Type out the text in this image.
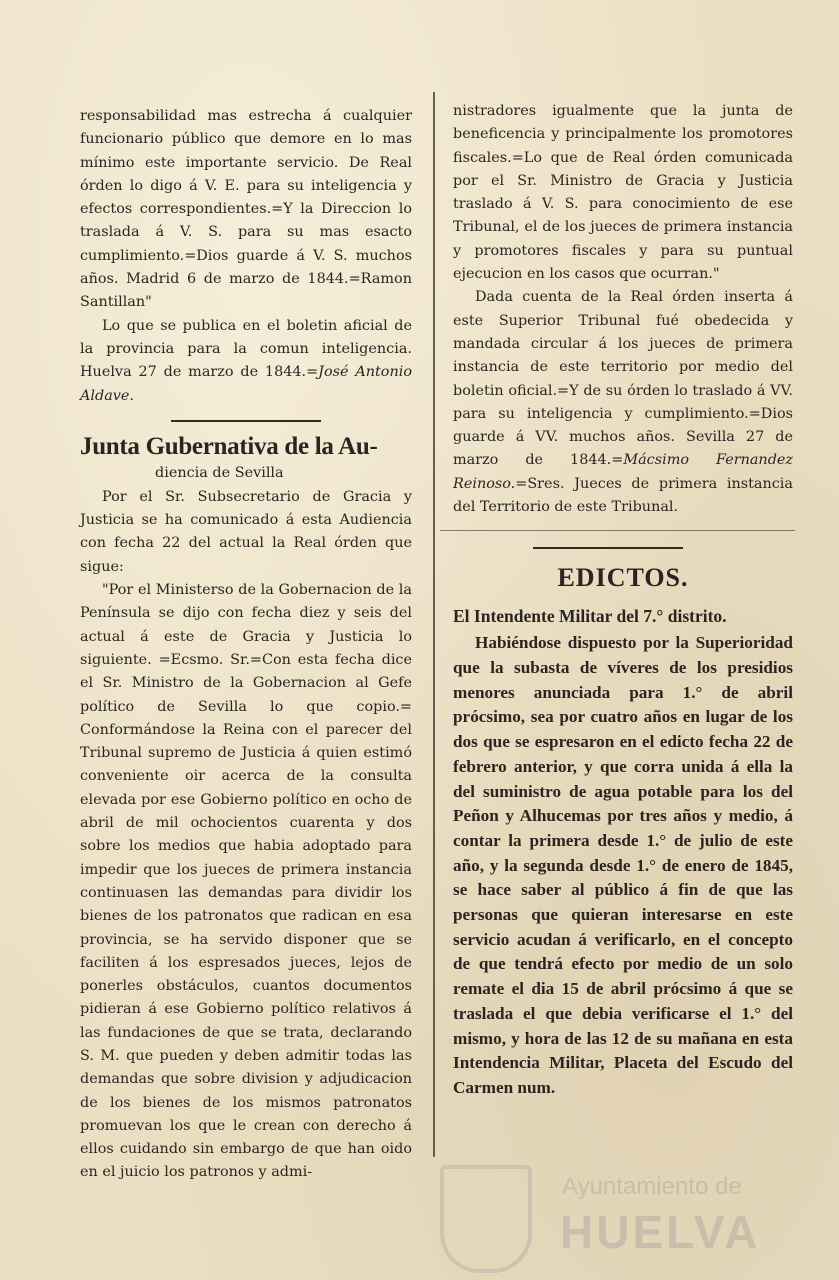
responsabilidad mas estrecha á cualquier funcionario público que demore en lo mas mínimo este importante servicio. De Real órden lo digo á V. E. para su inteligencia y efectos correspondientes.=Y la Direccion lo traslada á V. S. para su mas esacto cumplimiento.=Dios guarde á V. S. muchos años. Madrid 6 de marzo de 1844.=Ramon Santillan"

Lo que se publica en el boletin aficial de la provincia para la comun inteligencia. Huelva 27 de marzo de 1844.=José Antonio Aldave.

Junta Gubernativa de la Au-

diencia de Sevilla

Por el Sr. Subsecretario de Gracia y Justicia se ha comunicado á esta Audiencia con fecha 22 del actual la Real órden que sigue:

"Por el Ministerso de la Gobernacion de la Península se dijo con fecha diez y seis del actual á este de Gracia y Justicia lo siguiente. =Ecsmo. Sr.=Con esta fecha dice el Sr. Ministro de la Gobernacion al Gefe político de Sevilla lo que copio.= Conformándose la Reina con el parecer del Tribunal supremo de Justicia á quien estimó conveniente oir acerca de la consulta elevada por ese Gobierno político en ocho de abril de mil ochocientos cuarenta y dos sobre los medios que habia adoptado para impedir que los jueces de primera instancia continuasen las demandas para dividir los bienes de los patronatos que radican en esa provincia, se ha servido disponer que se faciliten á los espresados jueces, lejos de ponerles obstáculos, cuantos documentos pidieran á ese Gobierno político relativos á las fundaciones de que se trata, declarando S. M. que pueden y deben admitir todas las demandas que sobre division y adjudicacion de los bienes de los mismos patronatos promuevan los que le crean con derecho á ellos cuidando sin embargo de que han oido en el juicio los patronos y admi-

nistradores igualmente que la junta de beneficencia y principalmente los promotores fiscales.=Lo que de Real órden comunicada por el Sr. Ministro de Gracia y Justicia traslado á V. S. para conocimiento de ese Tribunal, el de los jueces de primera instancia y promotores fiscales y para su puntual ejecucion en los casos que ocurran."

Dada cuenta de la Real órden inserta á este Superior Tribunal fué obedecida y mandada circular á los jueces de primera instancia de este territorio por medio del boletin oficial.=Y de su órden lo traslado á VV. para su inteligencia y cumplimiento.=Dios guarde á VV. muchos años. Sevilla 27 de marzo de 1844.=Mácsimo Fernandez Reinoso.=Sres. Jueces de primera instancia del Territorio de este Tribunal.

EDICTOS.

El Intendente Militar del 7.° distrito.

Habiéndose dispuesto por la Superioridad que la subasta de víveres de los presidios menores anunciada para 1.° de abril prócsimo, sea por cuatro años en lugar de los dos que se espresaron en el edicto fecha 22 de febrero anterior, y que corra unida á ella la del suministro de agua potable para los del Peñon y Alhucemas por tres años y medio, á contar la primera desde 1.° de julio de este año, y la segunda desde 1.° de enero de 1845, se hace saber al público á fin de que las personas que quieran interesarse en este servicio acudan á verificarlo, en el concepto de que tendrá efecto por medio de un solo remate el dia 15 de abril prócsimo á que se traslada el que debia verificarse el 1.° del mismo, y hora de las 12 de su mañana en esta Intendencia Militar, Placeta del Escudo del Carmen num.

Ayuntamiento de
HUELVA
